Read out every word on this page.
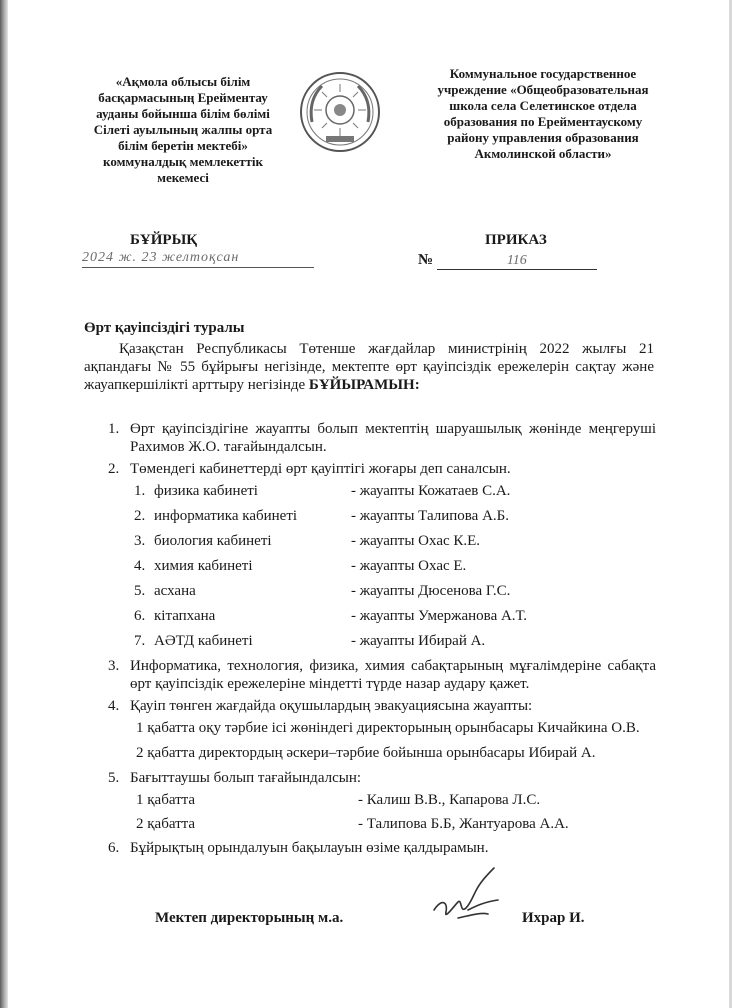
«Ақмола облысы білім
басқармасының Ерейментау
ауданы бойынша білім бөлімі
Сілеті ауылының жалпы орта
білім беретін мектебі»
коммуналдық мемлекеттік
мекемесі
Коммунальное государственное
учреждение «Общеобразовательная
школа села Селетинское отдела
образования по Ерейментаускому
району управления образования
Акмолинской области»
БҰЙРЫҚ	ПРИКАЗ
2024 ж. 23 желтоқсан	№	116
Өрт қауіпсіздігі туралы
Қазақстан Республикасы Төтенше жағдайлар министрінің 2022 жылғы 21 ақпандағы № 55 бұйрығы негізінде, мектепте өрт қауіпсіздік ережелерін сақтау және жауапкершілікті арттыру негізінде БҰЙЫРАМЫН:
1. Өрт қауіпсіздігіне жауапты болып мектептің шаруашылық жөнінде меңгеруші Рахимов Ж.О. тағайындалсын.
2. Төмендегі кабинеттерді өрт қауіптігі жоғары деп саналсын.
1. физика кабинеті	- жауапты Кожатаев С.А.
2. информатика кабинеті	- жауапты Талипова А.Б.
3. биология кабинеті	- жауапты Охас К.Е.
4. химия кабинеті	- жауапты Охас Е.
5. асхана	- жауапты Дюсенова Г.С.
6. кітапхана	- жауапты Умержанова А.Т.
7. АӘТД кабинеті	- жауапты Ибирай А.
3. Информатика, технология, физика, химия сабақтарының мұғалімдеріне сабақта өрт қауіпсіздік ережелеріне міндетті түрде назар аудару қажет.
4. Қауіп төнген жағдайда оқушылардың эвакуациясына жауапты:
1 қабатта оқу тәрбие ісі жөніндегі директорының орынбасары Кичайкина О.В.
2 қабатта директордың әскери–тәрбие бойынша орынбасары Ибирай А.
5. Бағыттаушы болып тағайындалсын:
1 қабатта	- Калиш В.В., Капарова Л.С.
2 қабатта	- Талипова Б.Б, Жантуарова А.А.
6. Бұйрықтың орындалуын бақылауын өзіме қалдырамын.
Мектеп директорының м.а.	Ихрар И.
